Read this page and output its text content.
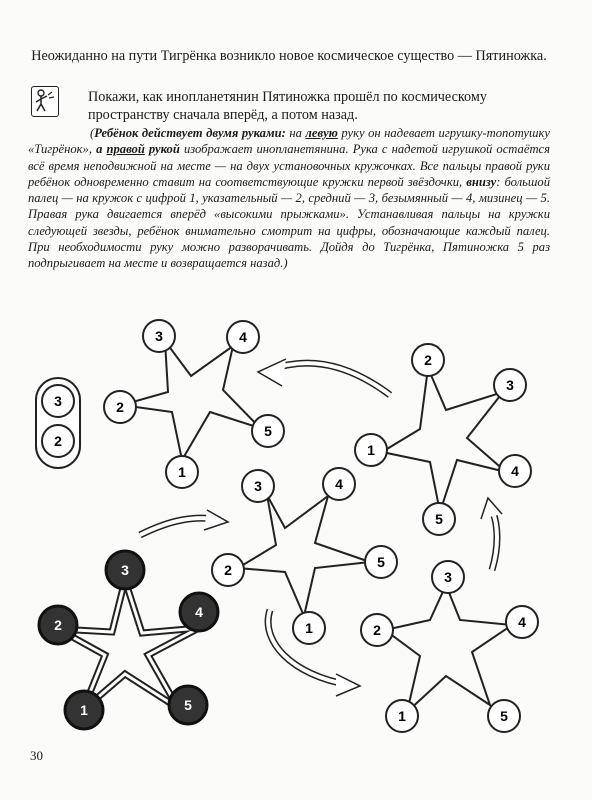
Неожиданно на пути Тигрёнка возникло новое космическое существо — Пятиножка.

Покажи, как инопланетянин Пятиножка прошёл по космическому пространству сначала вперёд, а потом назад.

(Ребёнок действует двумя руками: на левую руку он надевает игрушку-топотушку «Тигрёнок», а правой рукой изображает инопланетянина. Рука с надетой игрушкой остаётся всё время неподвижной на месте — на двух установочных кружочках. Все пальцы правой руки ребёнок одновременно ставит на соответствующие кружки первой звёздочки, внизу: большой палец — на кружок с цифрой 1, указательный — 2, средний — 3, безымянный — 4, мизинец — 5. Правая рука двигается вперёд «высокими прыжками». Устанавливая пальцы на кружки следующей звезды, ребёнок внимательно смотрит на цифры, обозначающие каждый палец. При необходимости руку можно разворачивать. Дойдя до Тигрёнка, Пятиножка 5 раз подпрыгивает на месте и возвращается назад.)
3
2
3
4
2
5
1
3	4
2
5
1
3	4
2	5
1
2
3
1
4
5
3
4
2
5
1
30
